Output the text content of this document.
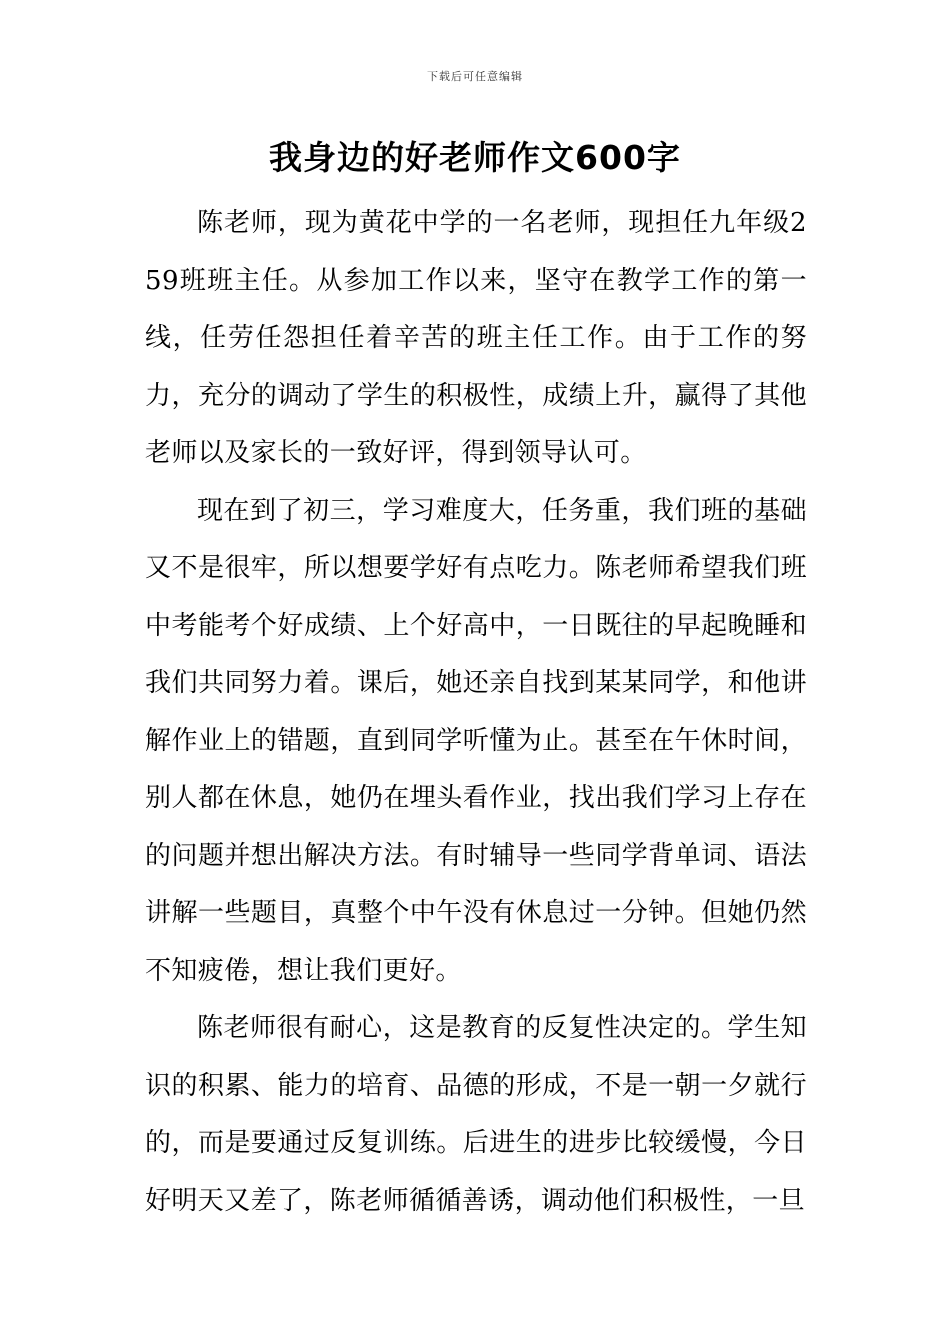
下载后可任意编辑
我身边的好老师作文600字

陈老师，现为黄花中学的一名老师，现担任九年级259班班主任。从参加工作以来，坚守在教学工作的第一线，任劳任怨担任着辛苦的班主任工作。由于工作的努力，充分的调动了学生的积极性，成绩上升，赢得了其他老师以及家长的一致好评，得到领导认可。

现在到了初三，学习难度大，任务重，我们班的基础又不是很牢，所以想要学好有点吃力。陈老师希望我们班中考能考个好成绩、上个好高中，一日既往的早起晚睡和我们共同努力着。课后，她还亲自找到某某同学，和他讲解作业上的错题，直到同学听懂为止。甚至在午休时间，别人都在休息，她仍在埋头看作业，找出我们学习上存在的问题并想出解决方法。有时辅导一些同学背单词、语法讲解一些题目，真整个中午没有休息过一分钟。但她仍然不知疲倦，想让我们更好。

陈老师很有耐心，这是教育的反复性决定的。学生知识的积累、能力的培育、品德的形成，不是一朝一夕就行的，而是要通过反复训练。后进生的进步比较缓慢，今日好明天又差了，陈老师循循善诱，调动他们积极性，一旦
